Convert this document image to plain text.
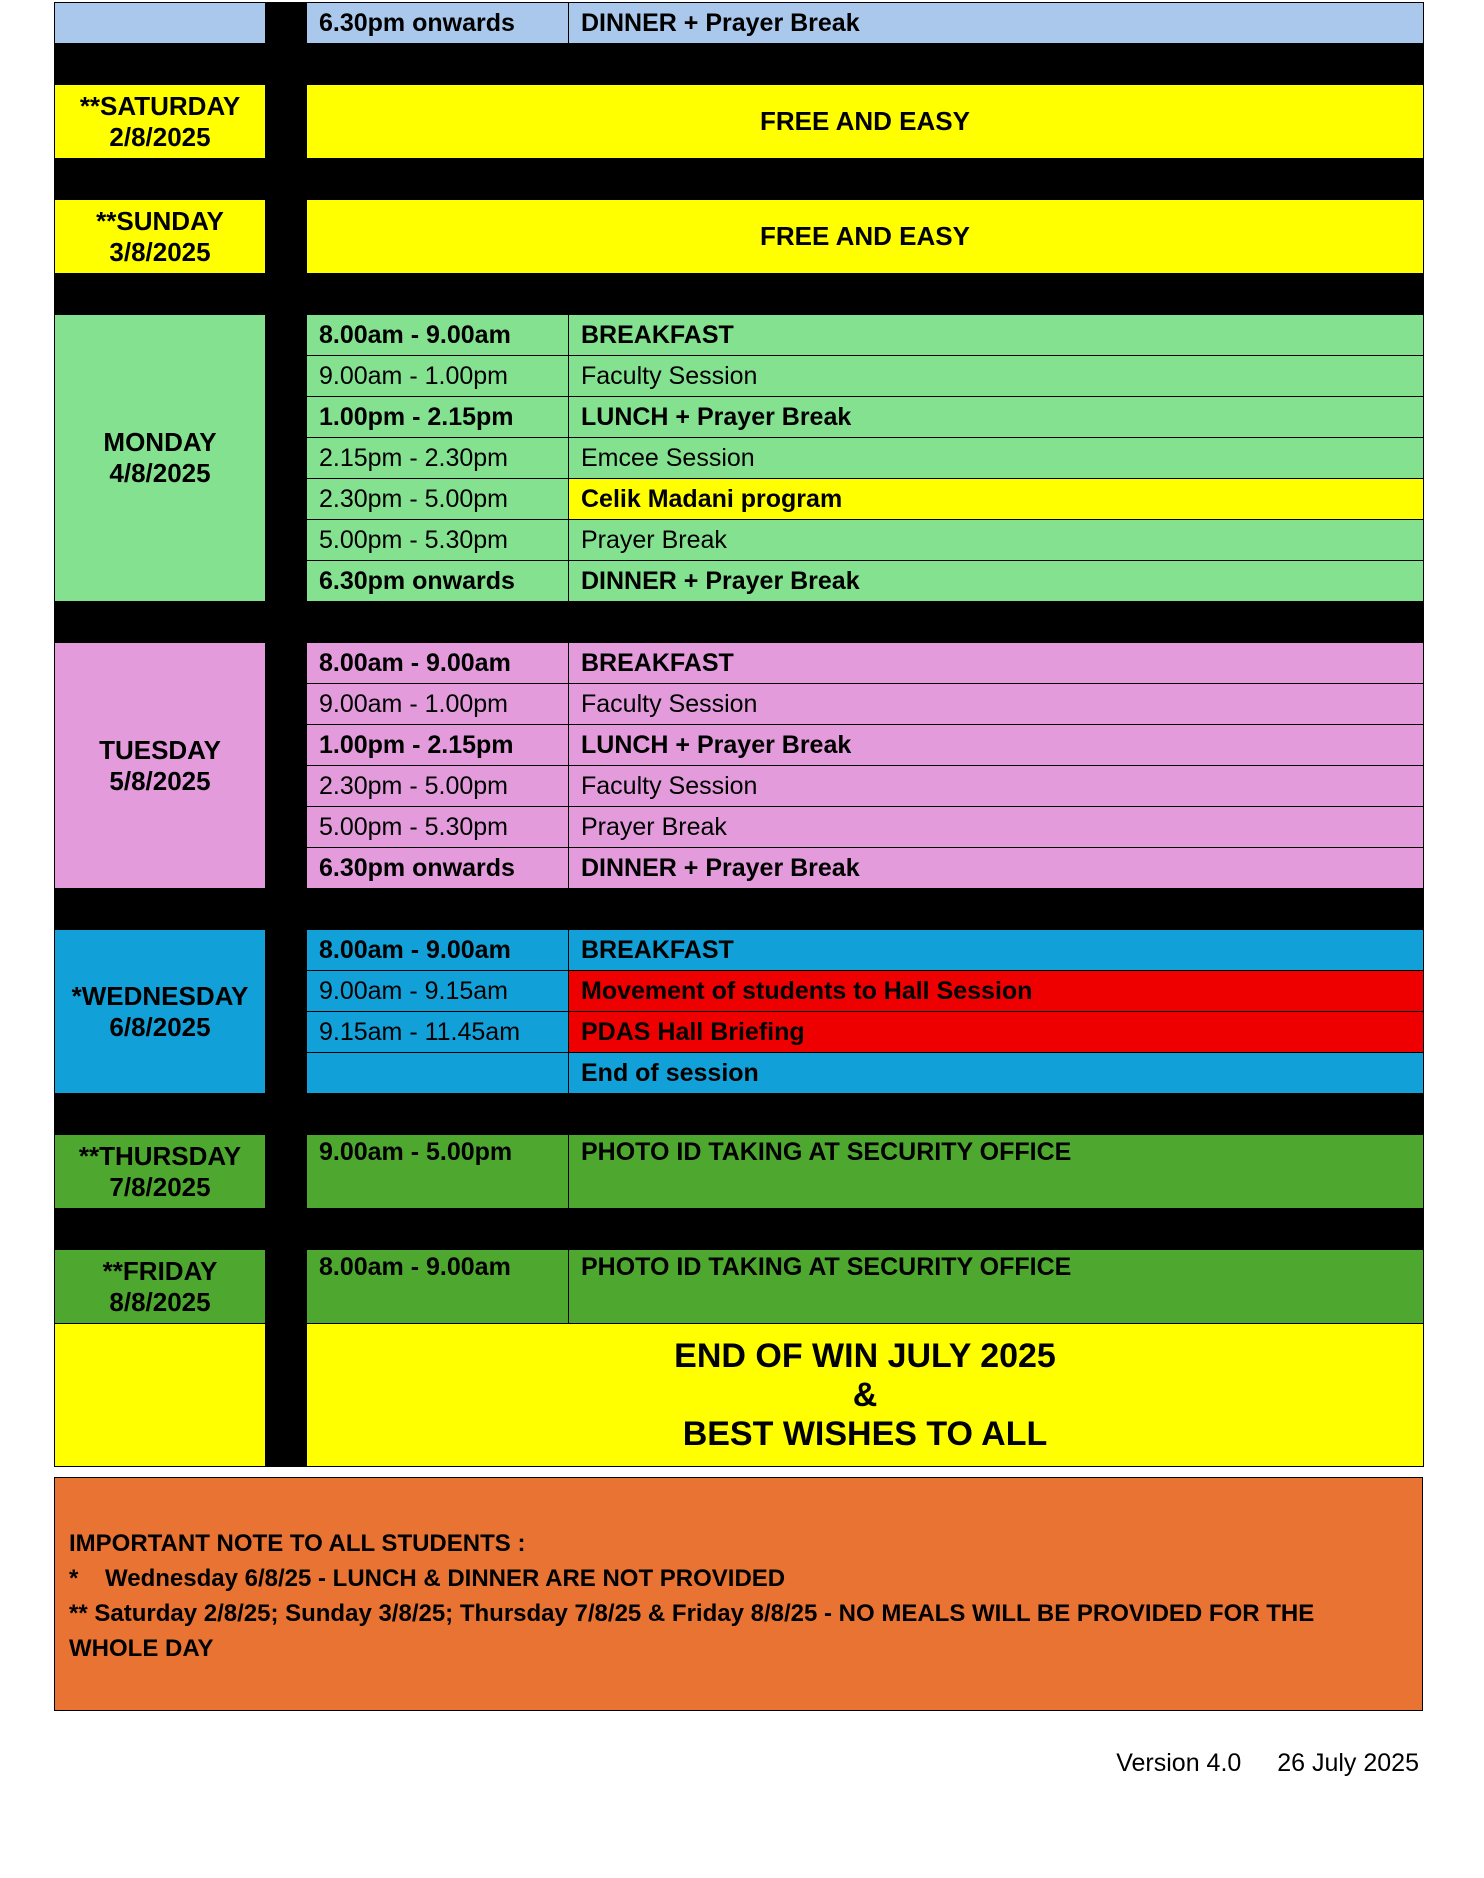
		6.30pm onwards	DINNER + Prayer Break

**SATURDAY
2/8/2025		FREE AND EASY	

**SUNDAY
3/8/2025		FREE AND EASY	

MONDAY
4/8/2025		8.00am - 9.00am	BREAKFAST
		9.00am - 1.00pm	Faculty Session
		1.00pm - 2.15pm	LUNCH + Prayer Break
		2.15pm - 2.30pm	Emcee Session
		2.30pm - 5.00pm	Celik Madani program
		5.00pm - 5.30pm	Prayer Break
		6.30pm onwards	DINNER + Prayer Break

TUESDAY
5/8/2025		8.00am - 9.00am	BREAKFAST
		9.00am - 1.00pm	Faculty Session
		1.00pm - 2.15pm	LUNCH + Prayer Break
		2.30pm - 5.00pm	Faculty Session
		5.00pm - 5.30pm	Prayer Break
		6.30pm onwards	DINNER + Prayer Break

*WEDNESDAY
6/8/2025		8.00am - 9.00am	BREAKFAST
		9.00am - 9.15am	Movement of students to Hall Session
		9.15am - 11.45am	PDAS Hall Briefing
			End of session

**THURSDAY
7/8/2025		9.00am - 5.00pm	PHOTO ID TAKING AT SECURITY OFFICE

**FRIDAY
8/8/2025		8.00am - 9.00am	PHOTO ID TAKING AT SECURITY OFFICE

		END OF WIN JULY 2025
&
BEST WISHES TO ALL	
IMPORTANT NOTE TO ALL STUDENTS :
*    Wednesday 6/8/25 - LUNCH & DINNER ARE NOT PROVIDED
** Saturday 2/8/25; Sunday 3/8/25; Thursday 7/8/25 & Friday 8/8/25 - NO MEALS WILL BE PROVIDED FOR THE
WHOLE DAY
Version 4.0 26 July 2025
